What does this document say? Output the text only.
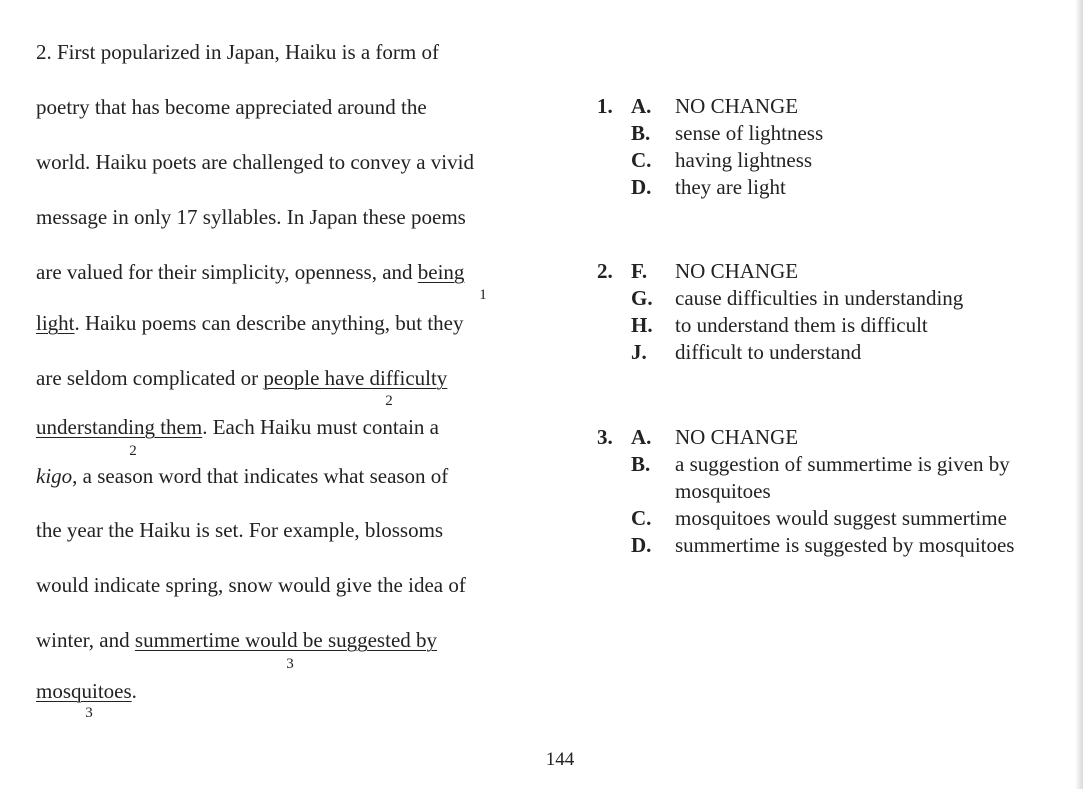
2. First popularized in Japan, Haiku is a form of
poetry that has become appreciated around the
world. Haiku poets are challenged to convey a vivid
message in only 17 syllables. In Japan these poems
are valued for their simplicity, openness, and being
1
light. Haiku poems can describe anything, but they
are seldom complicated or people have difficulty
2
understanding them. Each Haiku must contain a
2
kigo, a season word that indicates what season of
the year the Haiku is set. For example, blossoms
would indicate spring, snow would give the idea of
winter, and summertime would be suggested by
3
mosquitoes.
3
1. A.	NO CHANGE
B.	sense of lightness
C.	having lightness
D.	they are light
2. F.	NO CHANGE
G.	cause difficulties in understanding
H.	to understand them is difficult
J.	difficult to understand
3. A.	NO CHANGE
B.	a suggestion of summertime is given by mosquitoes
C.	mosquitoes would suggest summertime
D.	summertime is suggested by mosquitoes
144
